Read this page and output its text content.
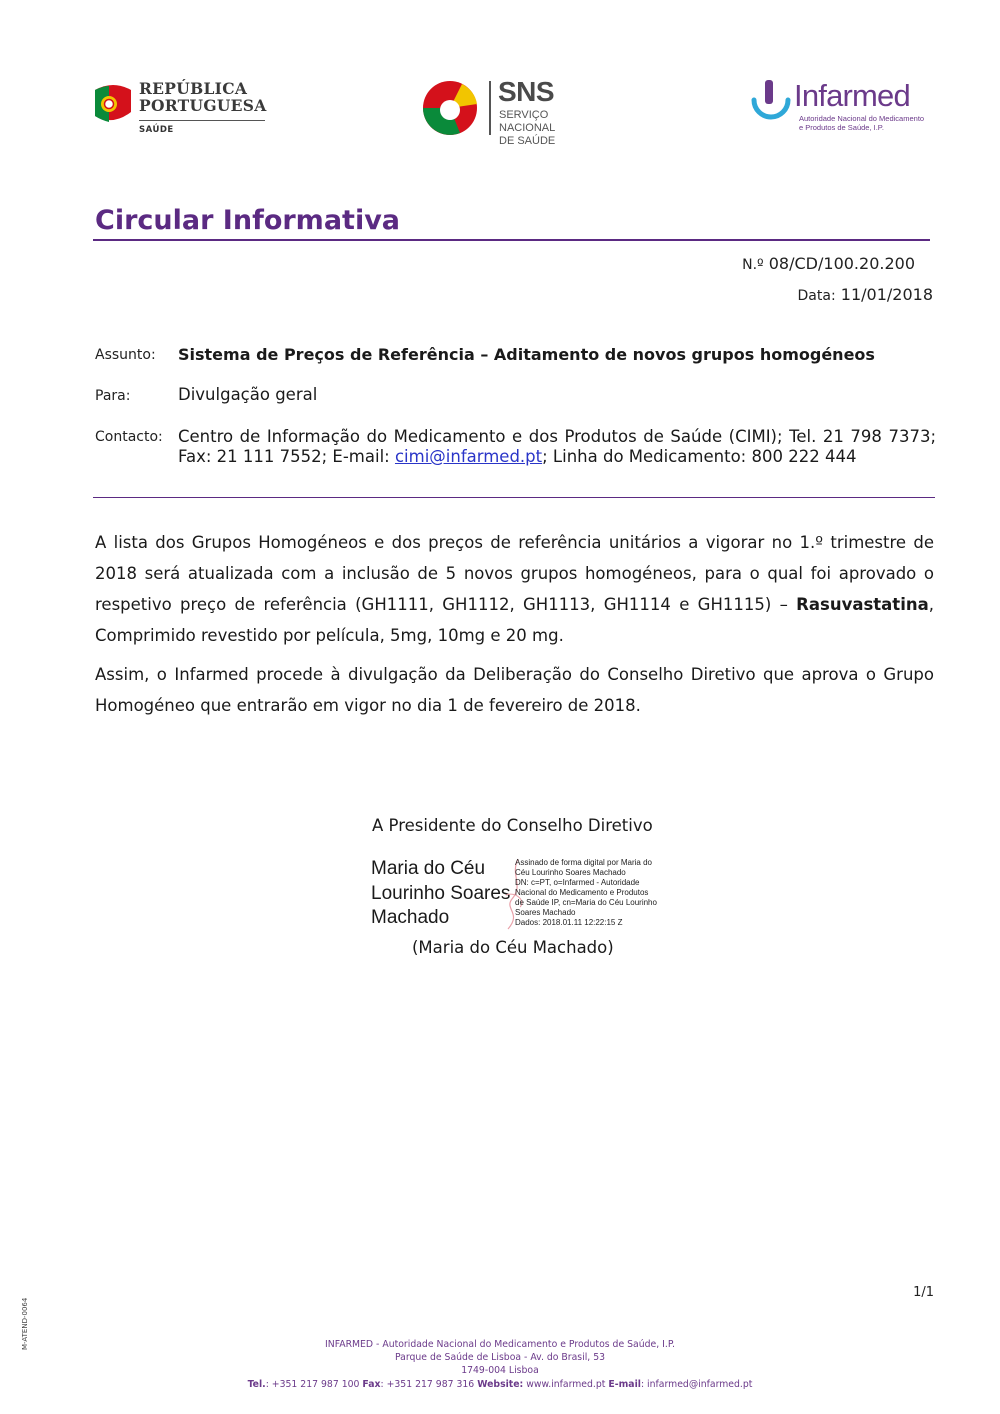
REPÚBLICA
PORTUGUESA
SAÚDE
SNS
SERVIÇO NACIONAL
DE SAÚDE
Infarmed
Autoridade Nacional do Medicamento
e Produtos de Saúde, I.P.
Circular Informativa
N.º 08/CD/100.20.200
Data: 11/01/2018
Assunto: Sistema de Preços de Referência – Aditamento de novos grupos homogéneos
Para:	Divulgação geral
Contacto: Centro de Informação do Medicamento e dos Produtos de Saúde (CIMI); Tel. 21 798 7373; Fax: 21 111 7552; E-mail: cimi@infarmed.pt; Linha do Medicamento: 800 222 444
A lista dos Grupos Homogéneos e dos preços de referência unitários a vigorar no 1.º trimestre de 2018 será atualizada com a inclusão de 5 novos grupos homogéneos, para o qual foi aprovado o respetivo preço de referência (GH1111, GH1112, GH1113, GH1114 e GH1115) – Rasuvastatina, Comprimido revestido por película, 5mg, 10mg e 20 mg.
Assim, o Infarmed procede à divulgação da Deliberação do Conselho Diretivo que aprova o Grupo Homogéneo que entrarão em vigor no dia 1 de fevereiro de 2018.
A Presidente do Conselho Diretivo
Maria do Céu
Lourinho Soares
Machado
Assinado de forma digital por Maria do
Céu Lourinho Soares Machado
DN: c=PT, o=Infarmed - Autoridade
Nacional do Medicamento e Produtos
de Saúde IP, cn=Maria do Céu Lourinho
Soares Machado
Dados: 2018.01.11 12:22:15 Z
(Maria do Céu Machado)
1/1
M-ATEND-0064	INFARMED - Autoridade Nacional do Medicamento e Produtos de Saúde, I.P.
Parque de Saúde de Lisboa - Av. do Brasil, 53
1749-004 Lisboa
Tel.: +351 217 987 100 Fax: +351 217 987 316 Website: www.infarmed.pt E-mail: infarmed@infarmed.pt
